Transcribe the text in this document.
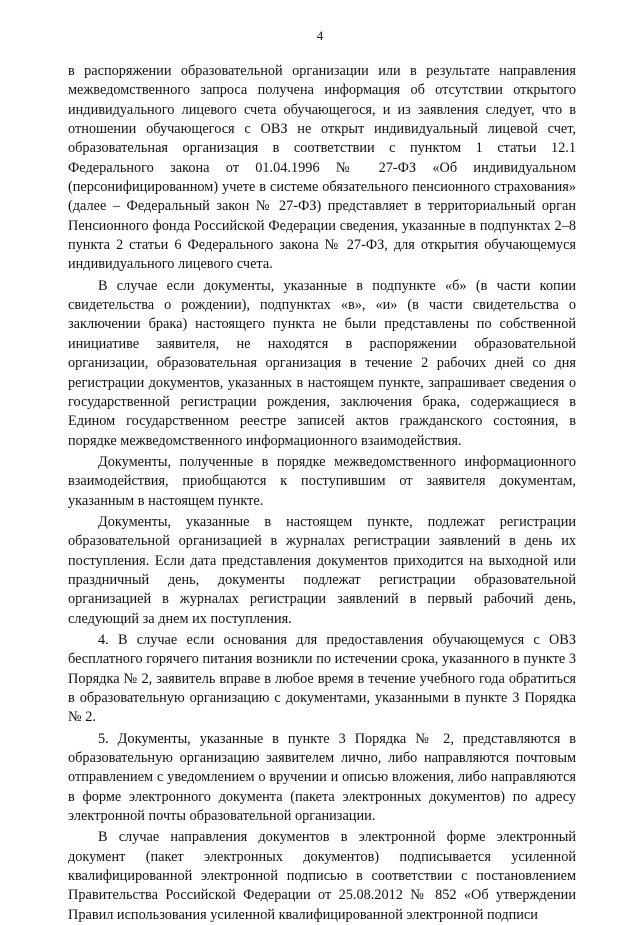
4

в распоряжении образовательной организации или в результате направления межведомственного запроса получена информация об отсутствии открытого индивидуального лицевого счета обучающегося, и из заявления следует, что в отношении обучающегося с ОВЗ не открыт индивидуальный лицевой счет, образовательная организация в соответствии с пунктом 1 статьи 12.1 Федерального закона от 01.04.1996 № 27-ФЗ «Об индивидуальном (персонифицированном) учете в системе обязательного пенсионного страхования» (далее – Федеральный закон № 27-ФЗ) представляет в территориальный орган Пенсионного фонда Российской Федерации сведения, указанные в подпунктах 2–8 пункта 2 статьи 6 Федерального закона № 27-ФЗ, для открытия обучающемуся индивидуального лицевого счета.

В случае если документы, указанные в подпункте «б» (в части копии свидетельства о рождении), подпунктах «в», «и» (в части свидетельства о заключении брака) настоящего пункта не были представлены по собственной инициативе заявителя, не находятся в распоряжении образовательной организации, образовательная организация в течение 2 рабочих дней со дня регистрации документов, указанных в настоящем пункте, запрашивает сведения о государственной регистрации рождения, заключения брака, содержащиеся в Едином государственном реестре записей актов гражданского состояния, в порядке межведомственного информационного взаимодействия.

Документы, полученные в порядке межведомственного информационного взаимодействия, приобщаются к поступившим от заявителя документам, указанным в настоящем пункте.

Документы, указанные в настоящем пункте, подлежат регистрации образовательной организацией в журналах регистрации заявлений в день их поступления. Если дата представления документов приходится на выходной или праздничный день, документы подлежат регистрации образовательной организацией в журналах регистрации заявлений в первый рабочий день, следующий за днем их поступления.

4. В случае если основания для предоставления обучающемуся с ОВЗ бесплатного горячего питания возникли по истечении срока, указанного в пункте 3 Порядка № 2, заявитель вправе в любое время в течение учебного года обратиться в образовательную организацию с документами, указанными в пункте 3 Порядка № 2.

5. Документы, указанные в пункте 3 Порядка № 2, представляются в образовательную организацию заявителем лично, либо направляются почтовым отправлением с уведомлением о вручении и описью вложения, либо направляются в форме электронного документа (пакета электронных документов) по адресу электронной почты образовательной организации.

В случае направления документов в электронной форме электронный документ (пакет электронных документов) подписывается усиленной квалифицированной электронной подписью в соответствии с постановлением Правительства Российской Федерации от 25.08.2012 № 852 «Об утверждении Правил использования усиленной квалифицированной электронной подписи
